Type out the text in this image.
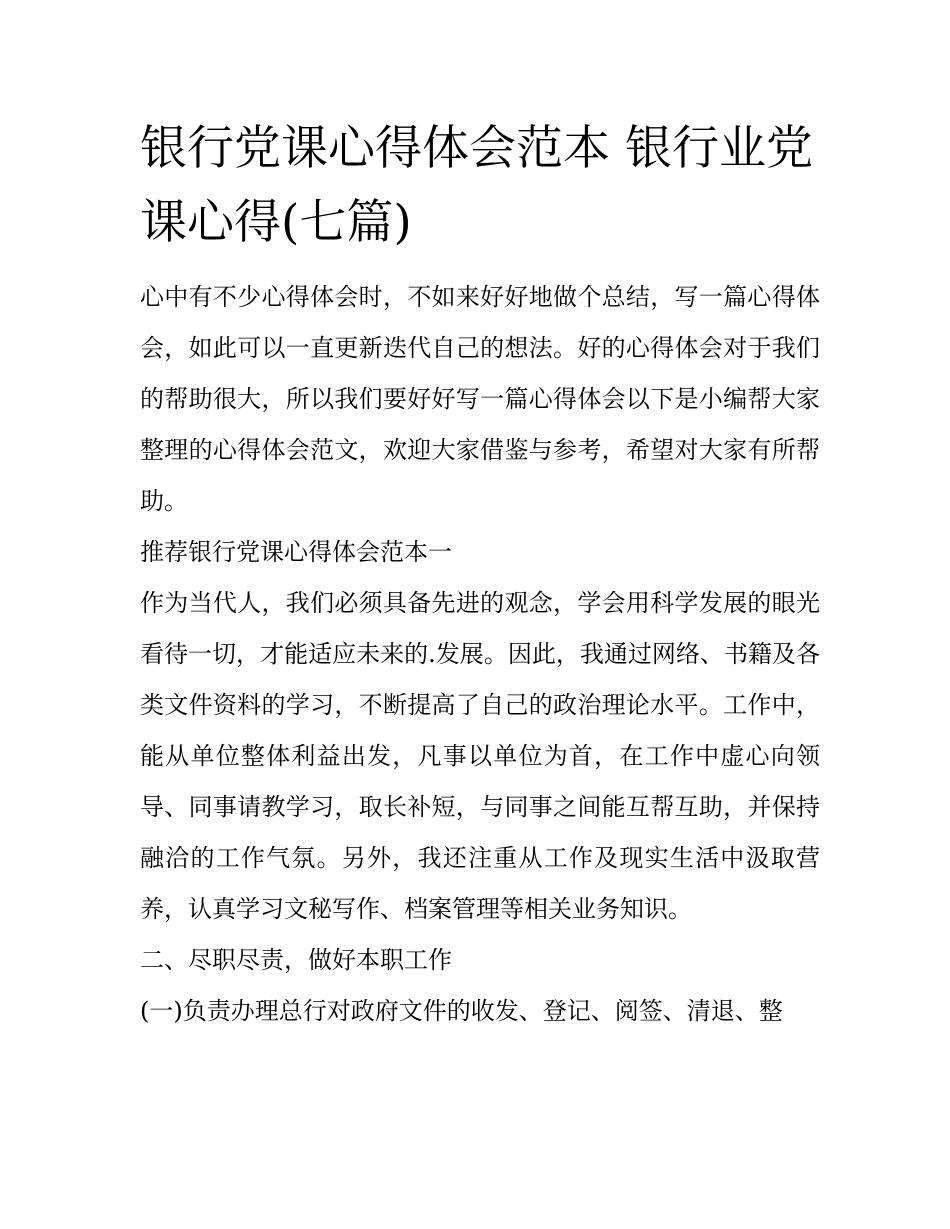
银行党课心得体会范本 银行业党课心得(七篇)

心中有不少心得体会时，不如来好好地做个总结，写一篇心得体会，如此可以一直更新迭代自己的想法。好的心得体会对于我们的帮助很大，所以我们要好好写一篇心得体会以下是小编帮大家整理的心得体会范文，欢迎大家借鉴与参考，希望对大家有所帮助。

推荐银行党课心得体会范本一

作为当代人，我们必须具备先进的观念，学会用科学发展的眼光看待一切，才能适应未来的.发展。因此，我通过网络、书籍及各类文件资料的学习，不断提高了自己的政治理论水平。工作中，能从单位整体利益出发，凡事以单位为首，在工作中虚心向领导、同事请教学习，取长补短，与同事之间能互帮互助，并保持融洽的工作气氛。另外，我还注重从工作及现实生活中汲取营养，认真学习文秘写作、档案管理等相关业务知识。

二、尽职尽责，做好本职工作

(一)负责办理总行对政府文件的收发、登记、阅签、清退、整
